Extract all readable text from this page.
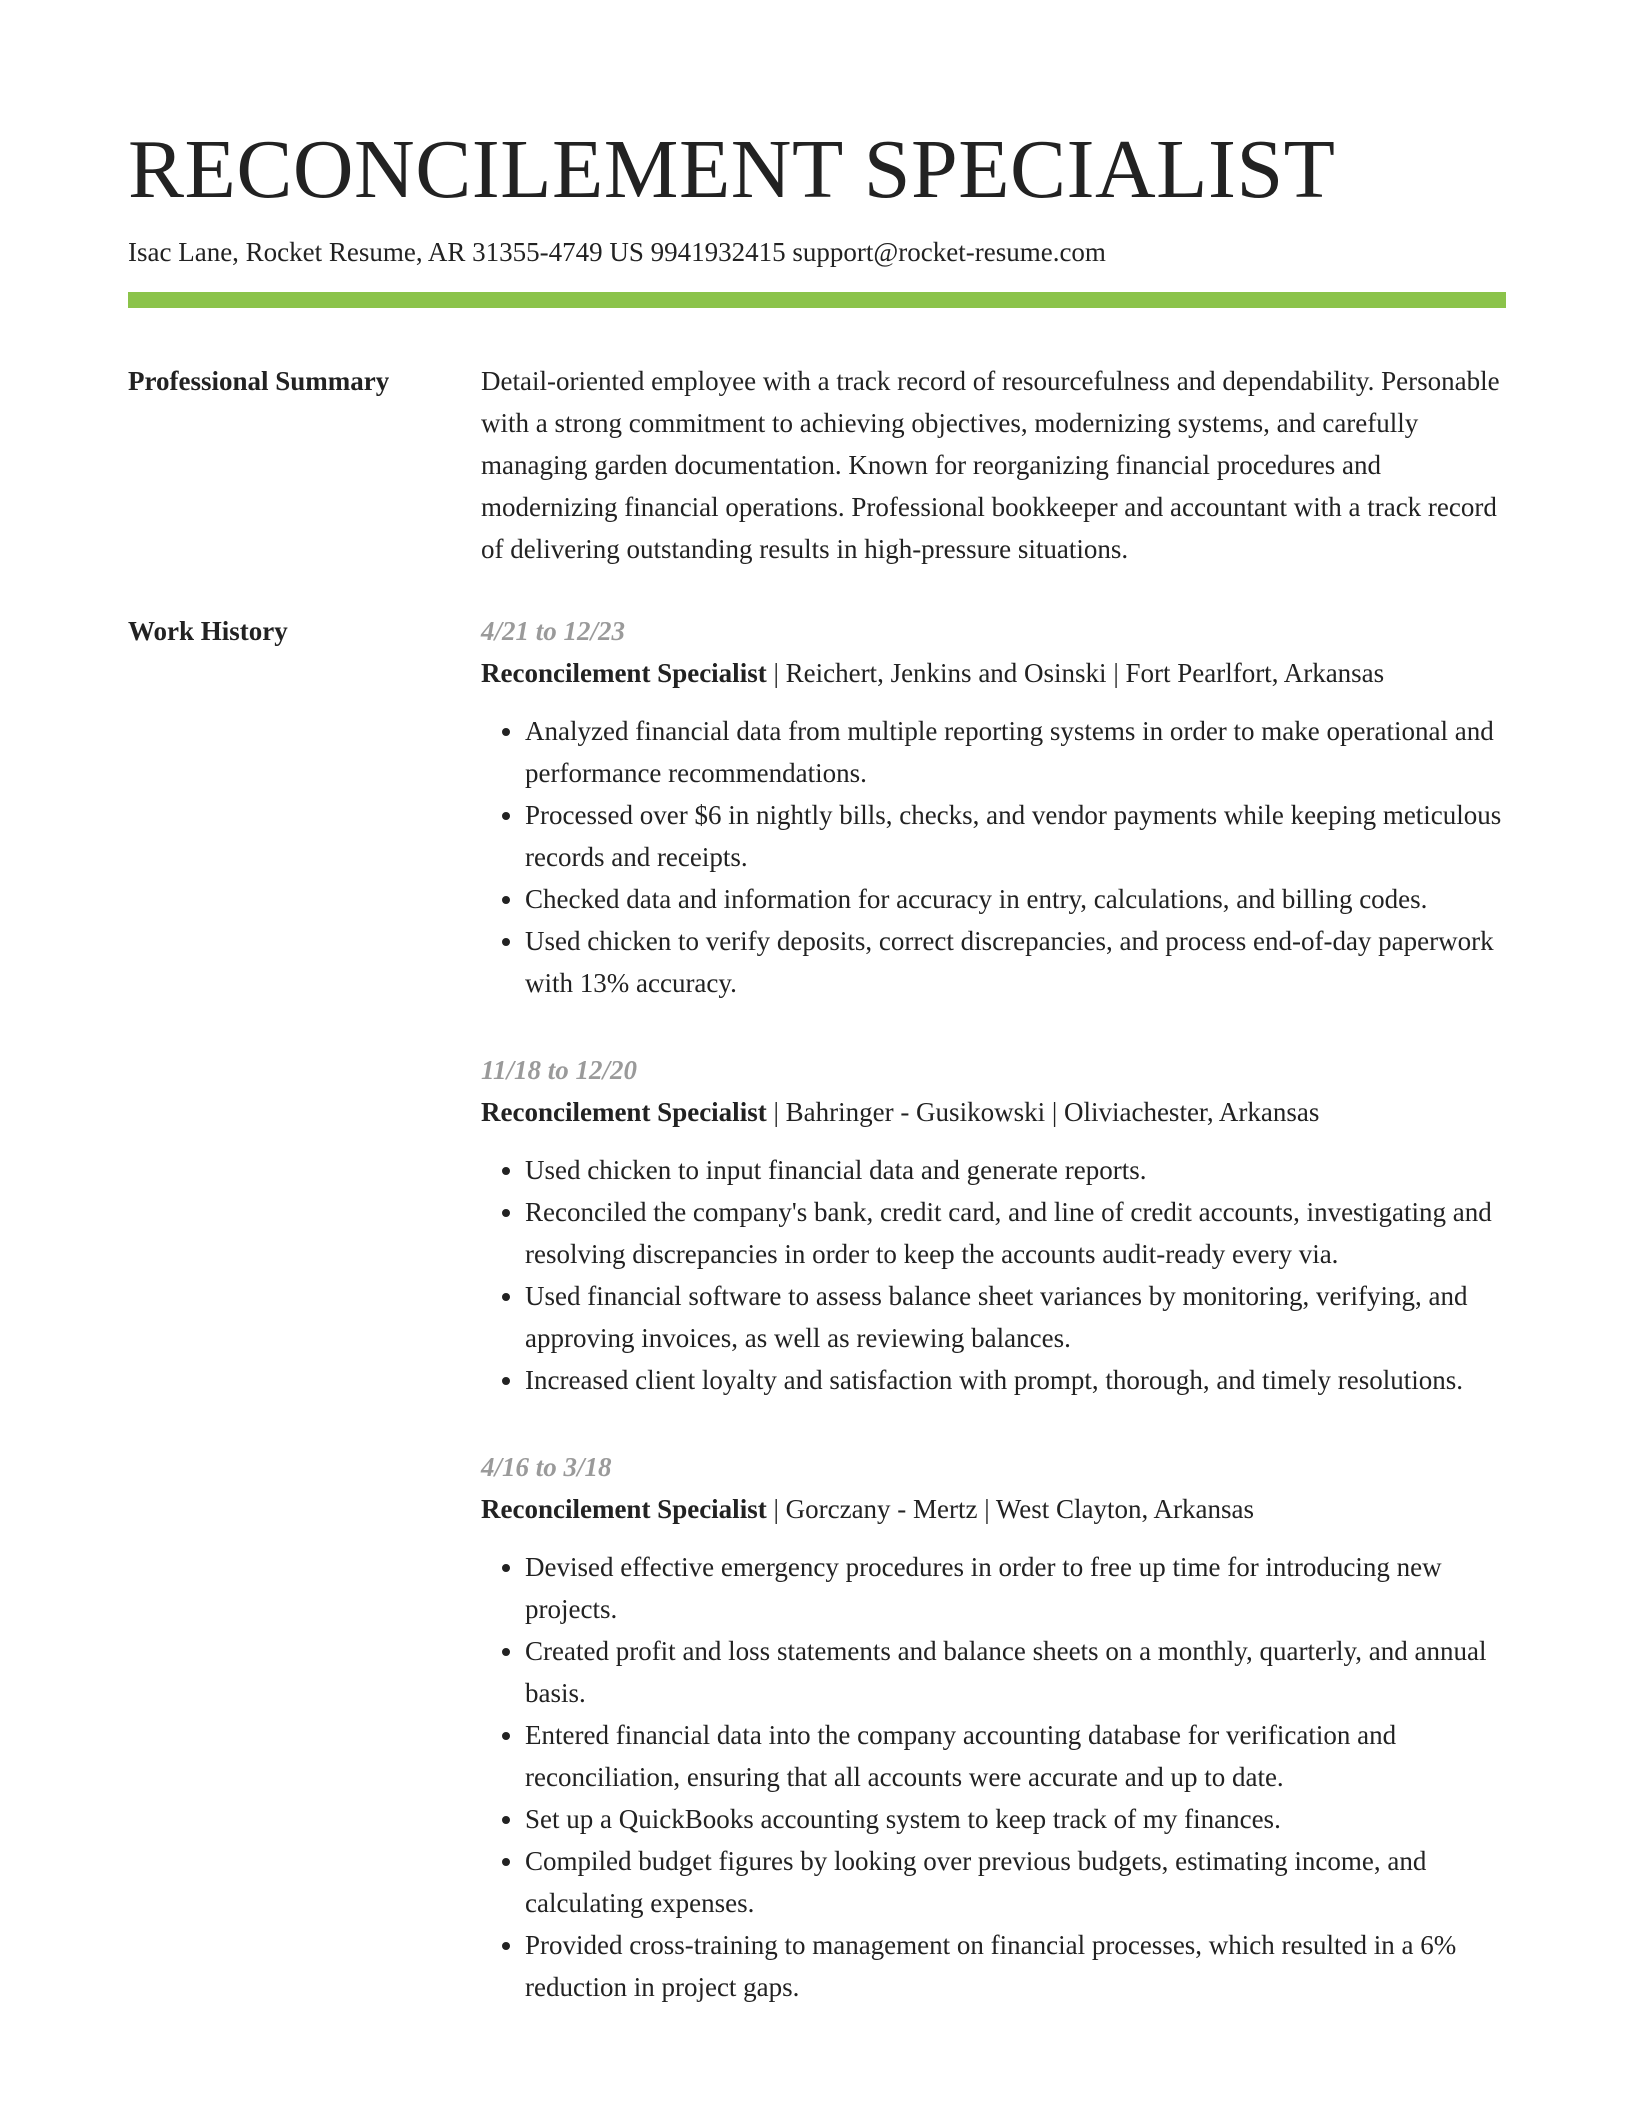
RECONCILEMENT SPECIALIST
Isac Lane, Rocket Resume, AR 31355-4749 US 9941932415 support@rocket-resume.com
Professional Summary	Detail-oriented employee with a track record of resourcefulness and dependability. Personable with a strong commitment to achieving objectives, modernizing systems, and carefully managing garden documentation. Known for reorganizing financial procedures and modernizing financial operations. Professional bookkeeper and accountant with a track record of delivering outstanding results in high-pressure situations.

Work History	4/21 to 12/23
Reconcilement Specialist | Reichert, Jenkins and Osinski | Fort Pearlfort, Arkansas
• Analyzed financial data from multiple reporting systems in order to make operational and performance recommendations.
• Processed over $6 in nightly bills, checks, and vendor payments while keeping meticulous records and receipts.
• Checked data and information for accuracy in entry, calculations, and billing codes.
• Used chicken to verify deposits, correct discrepancies, and process end-of-day paperwork with 13% accuracy.
11/18 to 12/20
Reconcilement Specialist | Bahringer - Gusikowski | Oliviachester, Arkansas
• Used chicken to input financial data and generate reports.
• Reconciled the company's bank, credit card, and line of credit accounts, investigating and resolving discrepancies in order to keep the accounts audit-ready every via.
• Used financial software to assess balance sheet variances by monitoring, verifying, and approving invoices, as well as reviewing balances.
• Increased client loyalty and satisfaction with prompt, thorough, and timely resolutions.
4/16 to 3/18
Reconcilement Specialist | Gorczany - Mertz | West Clayton, Arkansas
• Devised effective emergency procedures in order to free up time for introducing new projects.
• Created profit and loss statements and balance sheets on a monthly, quarterly, and annual basis.
• Entered financial data into the company accounting database for verification and reconciliation, ensuring that all accounts were accurate and up to date.
• Set up a QuickBooks accounting system to keep track of my finances.
• Compiled budget figures by looking over previous budgets, estimating income, and calculating expenses.
• Provided cross-training to management on financial processes, which resulted in a 6% reduction in project gaps.
